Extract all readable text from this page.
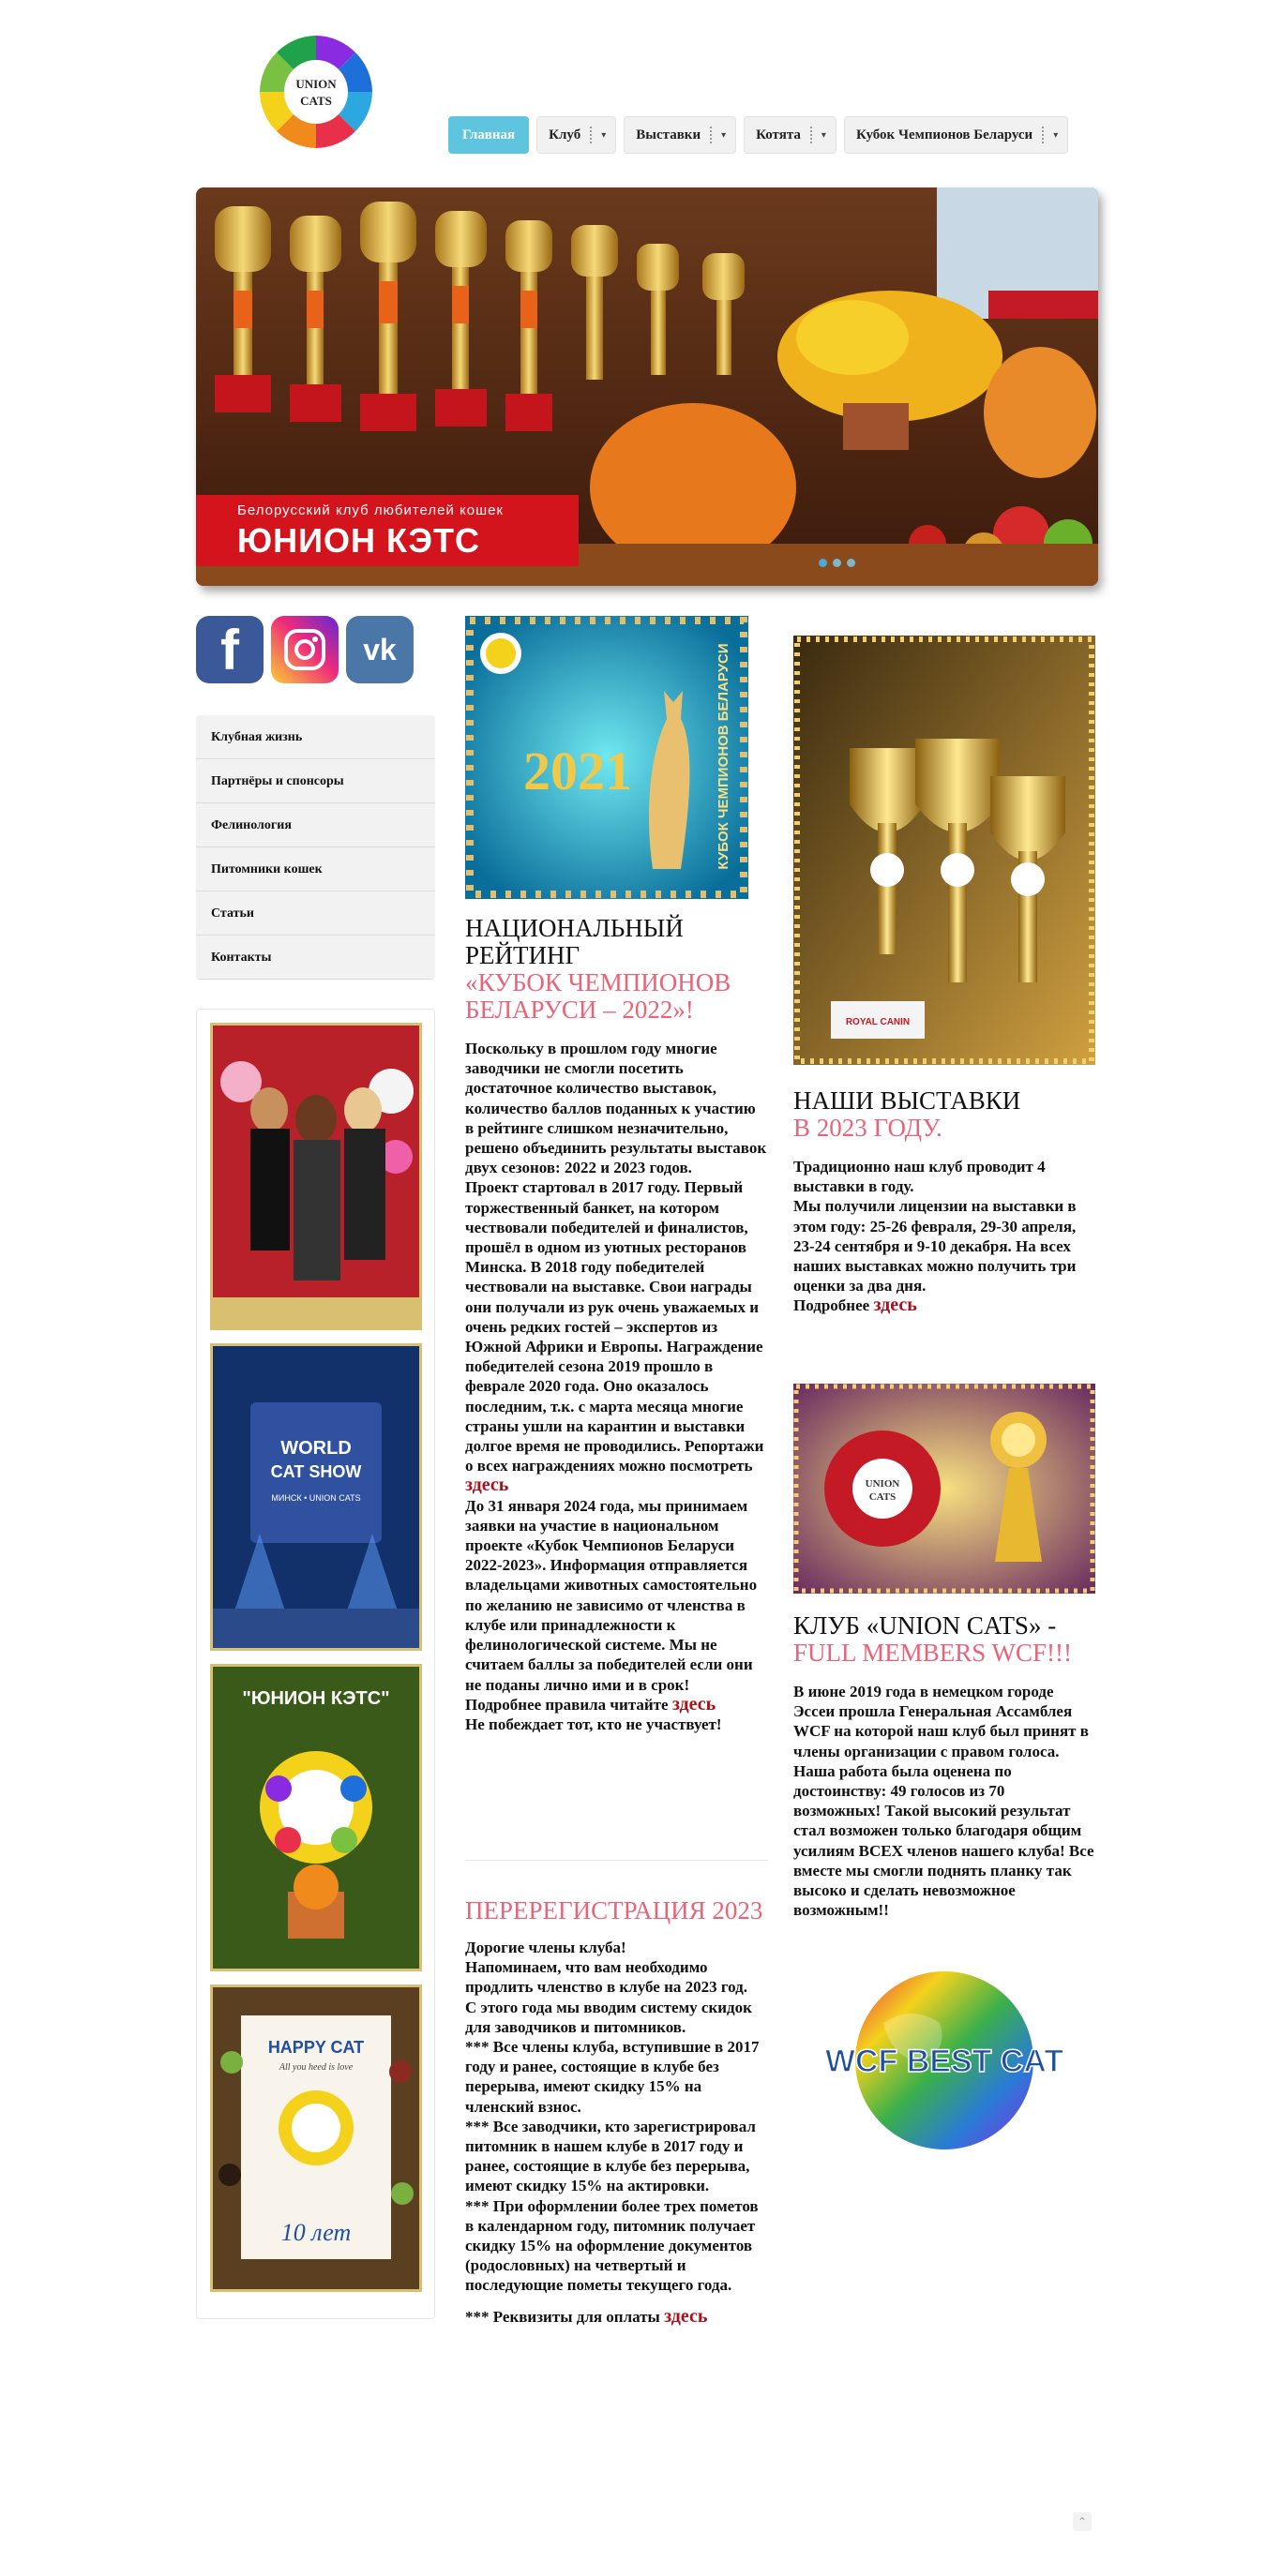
UNION
CATS
Главная	Клуб	▾	Выставки	▾	Котята	▾	Кубок Чемпионов Беларуси	▾
Белорусский клуб любителей кошек
ЮНИОН КЭТС
f	vk
Клубная жизнь
Партнёры и спонсоры
Фелинология
Питомники кошек
Статьи
Контакты
WORLD
CAT SHOW
МИНСК • UNION CATS
"ЮНИОН КЭТС"
HAPPY CAT
All you heed is love
10 лет
2021	КУБОК ЧЕМПИОНОВ БЕЛАРУСИ
НАЦИОНАЛЬНЫЙ РЕЙТИНГ
«КУБОК ЧЕМПИОНОВ БЕЛАРУСИ – 2022»!
Поскольку в прошлом году многие заводчики не смогли посетить достаточное количество выставок, количество баллов поданных к участию в рейтинге слишком незначительно, решено объединить результаты выставок двух сезонов: 2022 и 2023 годов.
Проект стартовал в 2017 году. Первый торжественный банкет, на котором чествовали победителей и финалистов, прошёл в одном из уютных ресторанов Минска. В 2018 году победителей чествовали на выставке. Свои награды они получали из рук очень уважаемых и очень редких гостей – экспертов из Южной Африки и Европы. Награждение победителей сезона 2019 прошло в феврале 2020 года. Оно оказалось последним, т.к. с марта месяца многие страны ушли на карантин и выставки долгое время не проводились. Репортажи о всех награждениях можно посмотреть здесь
До 31 января 2024 года, мы принимаем заявки на участие в национальном проекте «Кубок Чемпионов Беларуси 2022-2023». Информация отправляется владельцами животных самостоятельно по желанию не зависимо от членства в клубе или принадлежности к фелинологической системе. Мы не считаем баллы за победителей если они не поданы лично ими и в срок! Подробнее правила читайте здесь
Не побеждает тот, кто не участвует!
ПЕРЕРЕГИСТРАЦИЯ 2023
Дорогие члены клуба!
Напоминаем, что вам необходимо продлить членство в клубе на 2023 год.
С этого года мы вводим систему скидок для заводчиков и питомников.
*** Все члены клуба, вступившие в 2017 году и ранее, состоящие в клубе без перерыва, имеют скидку 15% на членский взнос.
*** Все заводчики, кто зарегистрировал питомник в нашем клубе в 2017 году и ранее, состоящие в клубе без перерыва, имеют скидку 15% на актировки.
*** При оформлении более трех пометов в календарном году, питомник получает скидку 15% на оформление документов (родословных) на четвертый и последующие пометы текущего года.
*** Реквизиты для оплаты здесь
ROYAL CANIN
НАШИ ВЫСТАВКИ
В 2023 ГОДУ.
Традиционно наш клуб проводит 4 выставки в году.
Мы получили лицензии на выставки в этом году: 25-26 февраля, 29-30 апреля, 23-24 сентября и 9-10 декабря. На всех наших выставках можно получить три оценки за два дня.
Подробнее здесь
UNION
CATS
КЛУБ «UNION CATS» -
FULL MEMBERS WCF!!!
В июне 2019 года в немецком городе Эссеи прошла Генеральная Ассамблея WCF на которой наш клуб был принят в члены организации с правом голоса. Наша работа была оценена по достоинству: 49 голосов из 70 возможных! Такой высокий результат стал возможен только благодаря общим усилиям ВСЕХ членов нашего клуба! Все вместе мы смогли поднять планку так высоко и сделать невозможное возможным!!
WCF BEST CAT
⌃
